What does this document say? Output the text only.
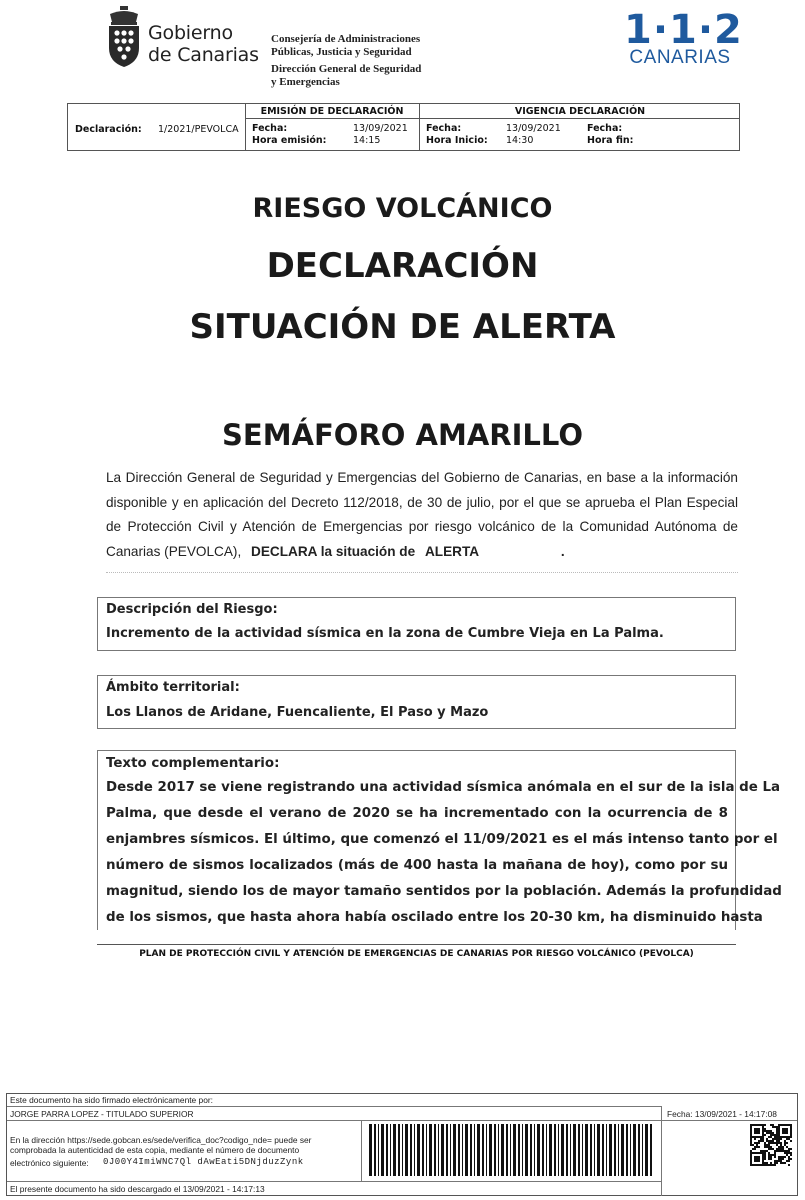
Gobierno
de Canarias
Consejería de Administraciones
Públicas, Justicia y Seguridad
Dirección General de Seguridad
y Emergencias
1·1·2
CANARIAS
Declaración: 1/2021/PEVOLCA
EMISIÓN DE DECLARACIÓN	VIGENCIA DECLARACIÓN
Fecha:	13/09/2021
Hora emisión:	14:15
Fecha:	13/09/2021
Hora Inicio: 14:30
Fecha:
Hora fin:
RIESGO VOLCÁNICO
DECLARACIÓN
SITUACIÓN DE ALERTA
SEMÁFORO AMARILLO
La Dirección General de Seguridad y Emergencias del Gobierno de Canarias, en base a la información
disponible y en aplicación del Decreto 112/2018, de 30 de julio, por el que se aprueba el Plan Especial
de Protección Civil y Atención de Emergencias por riesgo volcánico de la Comunidad Autónoma de
Canarias (PEVOLCA), DECLARA la situación de ALERTA	.
Descripción del Riesgo:
Incremento de la actividad sísmica en la zona de Cumbre Vieja en La Palma.
Ámbito territorial:
Los Llanos de Aridane, Fuencaliente, El Paso y Mazo
Texto complementario:
Desde 2017 se viene registrando una actividad sísmica anómala en el sur de la isla de La
Palma, que desde el verano de 2020 se ha incrementado con la ocurrencia de 8
enjambres sísmicos. El último, que comenzó el 11/09/2021 es el más intenso tanto por el
número de sismos localizados (más de 400 hasta la mañana de hoy), como por su
magnitud, siendo los de mayor tamaño sentidos por la población. Además la profundidad
de los sismos, que hasta ahora había oscilado entre los 20-30 km, ha disminuido hasta
PLAN DE PROTECCIÓN CIVIL Y ATENCIÓN DE EMERGENCIAS DE CANARIAS POR RIESGO VOLCÁNICO (PEVOLCA)
Este documento ha sido firmado electrónicamente por:
JORGE PARRA LOPEZ - TITULADO SUPERIOR	Fecha: 13/09/2021 - 14:17:08
En la dirección https://sede.gobcan.es/sede/verifica_doc?codigo_nde= puede ser
comprobada la autenticidad de esta copia, mediante el número de documento
electrónico siguiente: 0J00Y4ImiWNC7Ql dAwEati5DNjduzZynk
El presente documento ha sido descargado el 13/09/2021 - 14:17:13
